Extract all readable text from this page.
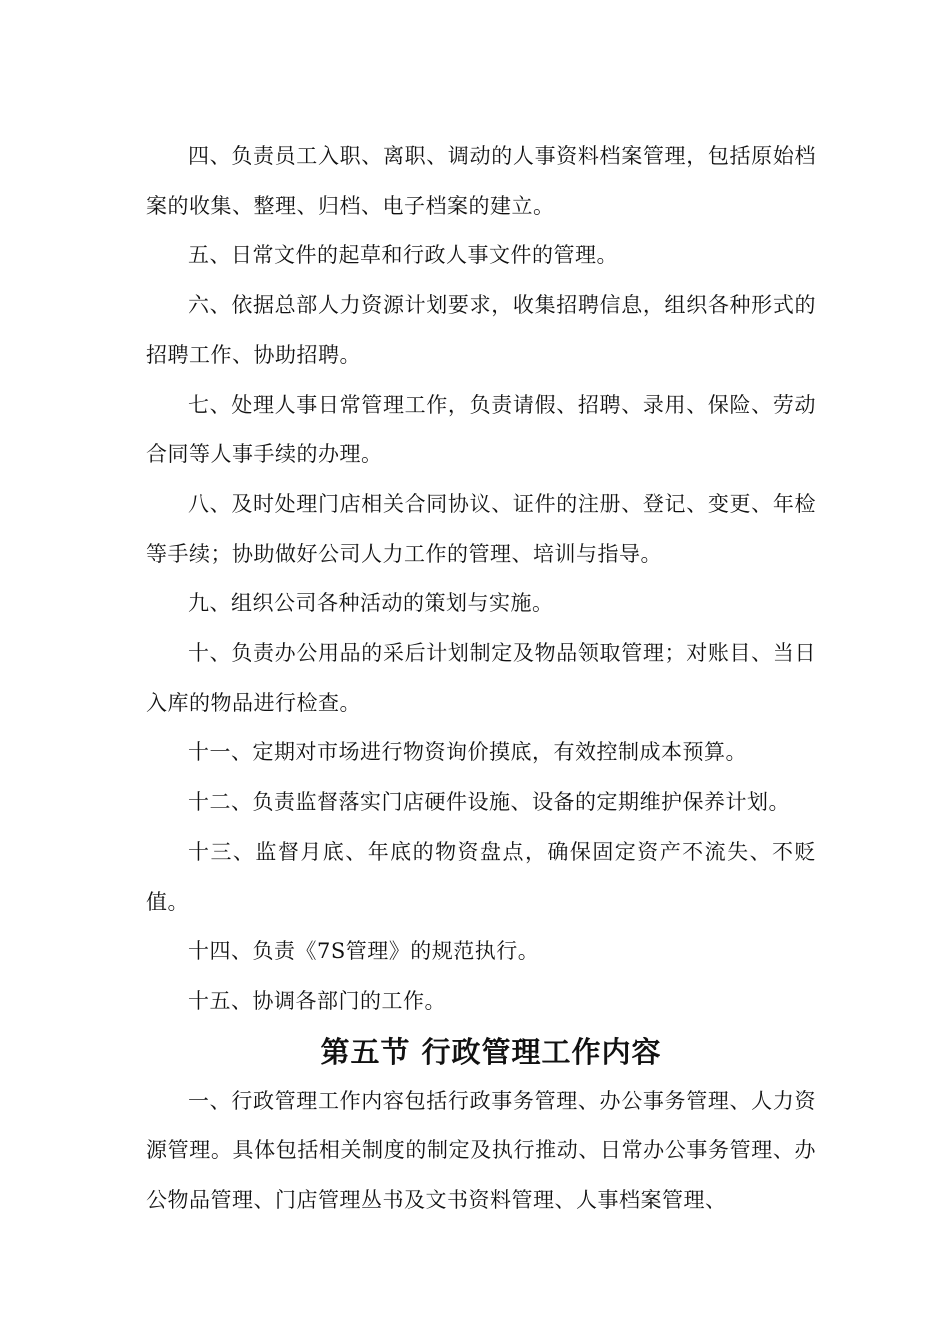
四、负责员工入职、离职、调动的人事资料档案管理，包括原始档案的收集、整理、归档、电子档案的建立。

五、日常文件的起草和行政人事文件的管理。

六、依据总部人力资源计划要求，收集招聘信息，组织各种形式的招聘工作、协助招聘。

七、处理人事日常管理工作，负责请假、招聘、录用、保险、劳动合同等人事手续的办理。

八、及时处理门店相关合同协议、证件的注册、登记、变更、年检等手续；协助做好公司人力工作的管理、培训与指导。

九、组织公司各种活动的策划与实施。

十、负责办公用品的采后计划制定及物品领取管理；对账目、当日入库的物品进行检查。

十一、定期对市场进行物资询价摸底，有效控制成本预算。

十二、负责监督落实门店硬件设施、设备的定期维护保养计划。

十三、监督月底、年底的物资盘点，确保固定资产不流失、不贬值。

十四、负责《7S管理》的规范执行。

十五、协调各部门的工作。

第五节 行政管理工作内容

一、行政管理工作内容包括行政事务管理、办公事务管理、人力资源管理。具体包括相关制度的制定及执行推动、日常办公事务管理、办公物品管理、门店管理丛书及文书资料管理、人事档案管理、
